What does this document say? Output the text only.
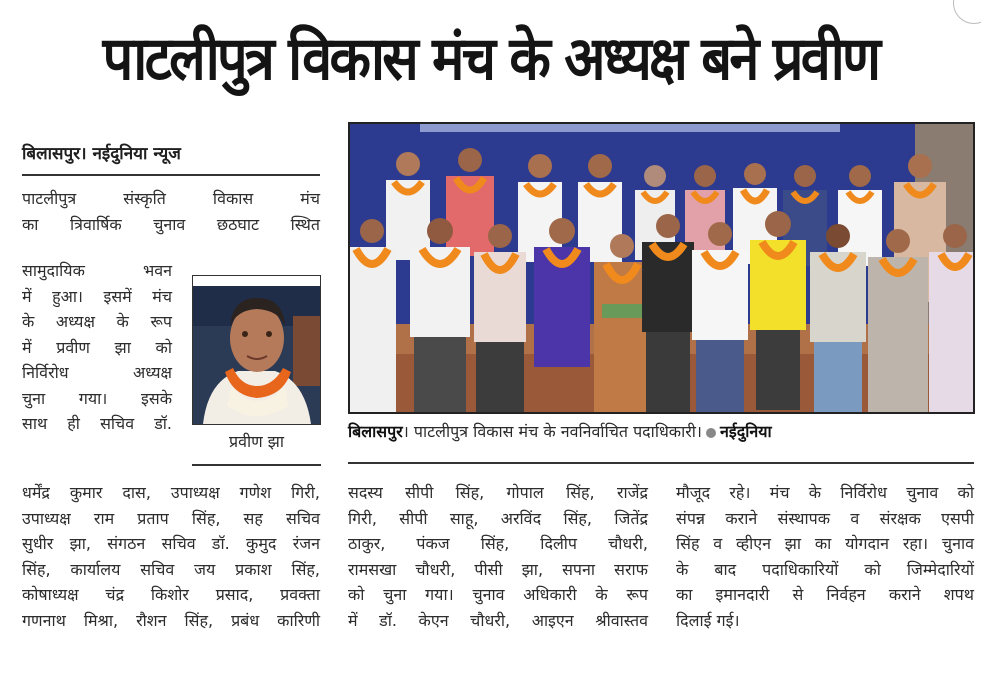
पाटलीपुत्र विकास मंच के अध्यक्ष बने प्रवीण
बिलासपुर। नईदुनिया न्यूज

पाटलीपुत्र संस्कृति विकास मंच

का त्रिवार्षिक चुनाव छठघाट स्थित

सामुदायिक भवन

में हुआ। इसमें मंच

के अध्यक्ष के रूप

में प्रवीण झा को

निर्विरोध अध्यक्ष

चुना गया। इसके

साथ ही सचिव डॉ.

प्रवीण झा
बिलासपुर। पाटलीपुत्र विकास मंच के नवनिर्वाचित पदाधिकारी। नईदुनिया

धर्मेंद्र कुमार दास, उपाध्यक्ष गणेश गिरी,

उपाध्यक्ष राम प्रताप सिंह, सह सचिव

सुधीर झा, संगठन सचिव डॉ. कुमुद रंजन

सिंह, कार्यालय सचिव जय प्रकाश सिंह,

कोषाध्यक्ष चंद्र किशोर प्रसाद, प्रवक्ता

गणनाथ मिश्रा, रौशन सिंह, प्रबंध कारिणी

सदस्य सीपी सिंह, गोपाल सिंह, राजेंद्र

गिरी, सीपी साहू, अरविंद सिंह, जितेंद्र

ठाकुर, पंकज सिंह, दिलीप चौधरी,

रामसखा चौधरी, पीसी झा, सपना सराफ

को चुना गया। चुनाव अधिकारी के रूप

में डॉ. केएन चौधरी, आइएन श्रीवास्तव

मौजूद रहे। मंच के निर्विरोध चुनाव को

संपन्न कराने संस्थापक व संरक्षक एसपी

सिंह व व्हीएन झा का योगदान रहा। चुनाव

के बाद पदाधिकारियों को जिम्मेदारियों

का इमानदारी से निर्वहन कराने शपथ

दिलाई गई।
